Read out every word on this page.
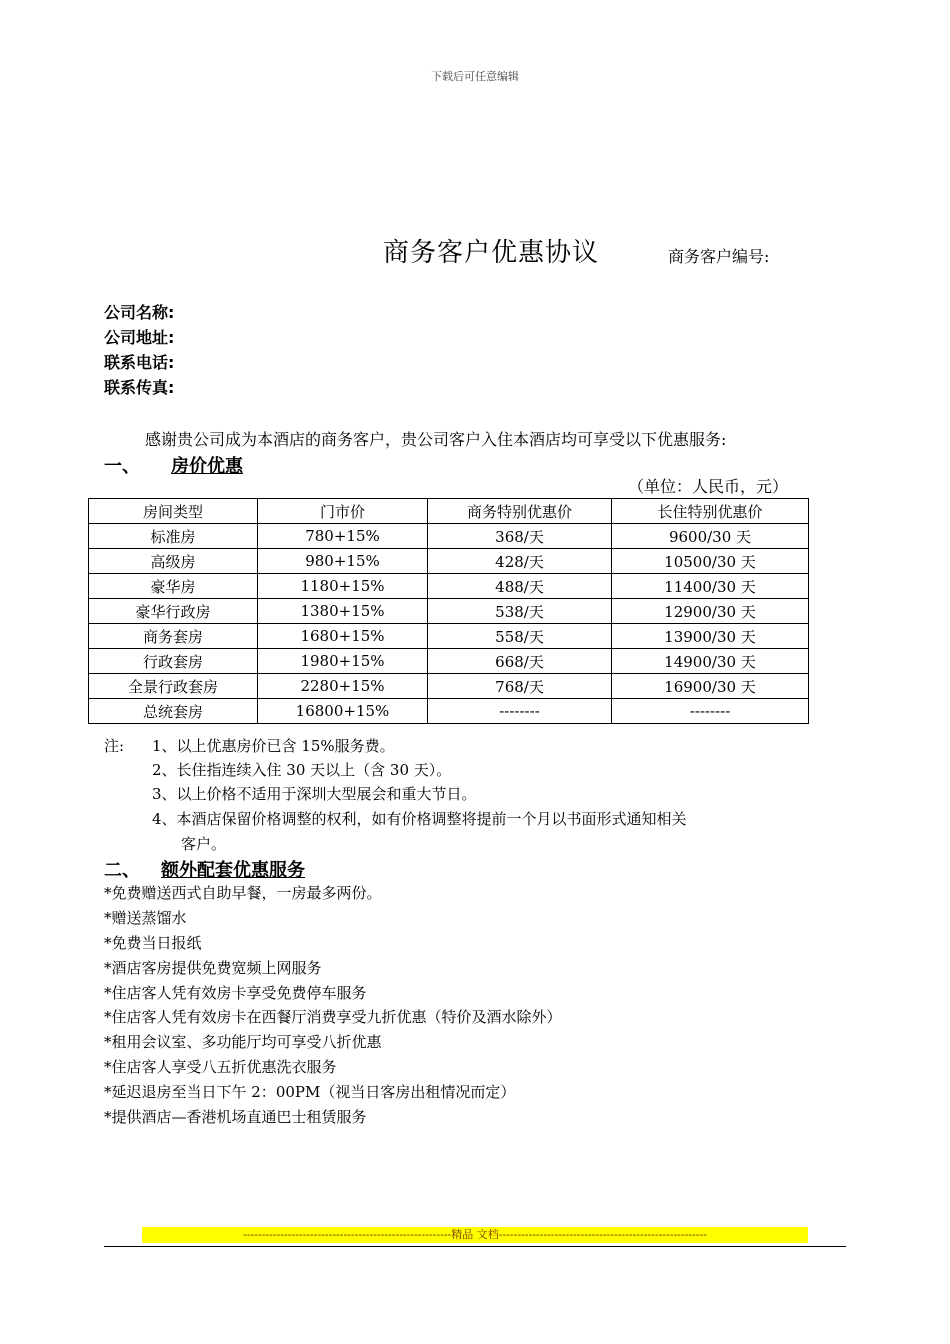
下载后可任意编辑
商务客户优惠协议	商务客户编号:
公司名称:
公司地址:
联系电话:
联系传真:
感谢贵公司成为本酒店的商务客户，贵公司客户入住本酒店均可享受以下优惠服务:
一、 房价优惠
（单位：人民币，元）
房间类型	门市价	商务特别优惠价	长住特别优惠价
标准房	780+15%	368/天	9600/30 天
高级房	980+15%	428/天	10500/30 天
豪华房	1180+15%	488/天	11400/30 天
豪华行政房	1380+15%	538/天	12900/30 天
商务套房	1680+15%	558/天	13900/30 天
行政套房	1980+15%	668/天	14900/30 天
全景行政套房	2280+15%	768/天	16900/30 天
总统套房	16800+15%	--------	--------
注: 1、以上优惠房价已含 15%服务费。
2、长住指连续入住 30 天以上（含 30 天）。
3、以上价格不适用于深圳大型展会和重大节日。
4、本酒店保留价格调整的权利，如有价格调整将提前一个月以书面形式通知相关
客户。
二、 额外配套优惠服务
*免费赠送西式自助早餐，一房最多两份。
*赠送蒸馏水
*免费当日报纸
*酒店客房提供免费宽频上网服务
*住店客人凭有效房卡享受免费停车服务
*住店客人凭有效房卡在西餐厅消费享受九折优惠（特价及酒水除外）
*租用会议室、多功能厅均可享受八折优惠
*住店客人享受八五折优惠洗衣服务
*延迟退房至当日下午 2：00PM（视当日客房出租情况而定）
*提供酒店—香港机场直通巴士租赁服务
--------------------------------------------------------精品 文档--------------------------------------------------------
